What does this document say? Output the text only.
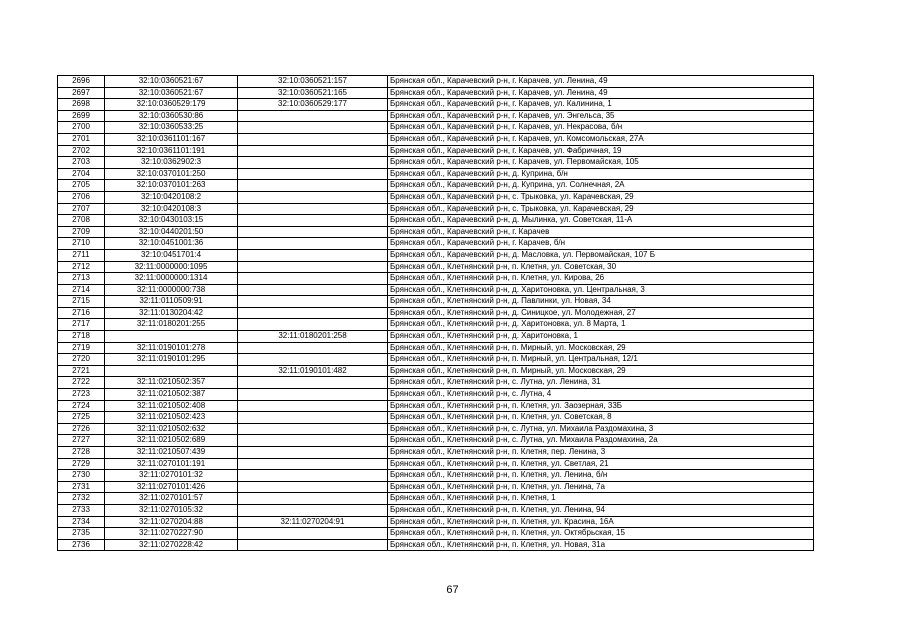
2696	32:10:0360521:67	32:10:0360521:157	Брянская обл., Карачевский р-н, г. Карачев, ул. Ленина, 49
2697	32:10:0360521:67	32:10:0360521:165	Брянская обл., Карачевский р-н, г. Карачев, ул. Ленина, 49
2698	32:10:0360529:179	32:10:0360529:177	Брянская обл., Карачевский р-н, г. Карачев, ул. Калинина, 1
2699	32:10:0360530:86		Брянская обл., Карачевский р-н, г. Карачев, ул. Энгельса, 35
2700	32:10:0360533:25		Брянская обл., Карачевский р-н, г. Карачев, ул. Некрасова, б/н
2701	32:10:0361101:167		Брянская обл., Карачевский р-н, г. Карачев, ул. Комсомольская, 27А
2702	32:10:0361101:191		Брянская обл., Карачевский р-н, г. Карачев, ул. Фабричная, 19
2703	32:10:0362902:3		Брянская обл., Карачевский р-н, г. Карачев, ул. Первомайская, 105
2704	32:10:0370101:250		Брянская обл., Карачевский р-н, д. Куприна, б/н
2705	32:10:0370101:263		Брянская обл., Карачевский р-н, д. Куприна, ул. Солнечная, 2А
2706	32:10:0420108:2		Брянская обл., Карачевский р-н, с. Трыковка, ул. Карачевская, 29
2707	32:10:0420108:3		Брянская обл., Карачевский р-н, с. Трыковка, ул. Карачевская, 29
2708	32:10:0430103:15		Брянская обл., Карачевский р-н, д. Мылинка, ул. Советская, 11-А
2709	32:10:0440201:50		Брянская обл., Карачевский р-н, г. Карачев
2710	32:10:0451001:36		Брянская обл., Карачевский р-н, г. Карачев, б/н
2711	32:10:0451701:4		Брянская обл., Карачевский р-н, д. Масловка, ул. Первомайская, 107 Б
2712	32:11:0000000:1095		Брянская обл., Клетнянский р-н, п. Клетня, ул. Советская, 30
2713	32:11:0000000:1314		Брянская обл., Клетнянский р-н, п. Клетня, ул. Кирова, 26
2714	32:11:0000000:738		Брянская обл., Клетнянский р-н, д. Харитоновка, ул. Центральная, 3
2715	32:11:0110509:91		Брянская обл., Клетнянский р-н, д. Павлинки, ул. Новая, 34
2716	32:11:0130204:42		Брянская обл., Клетнянский р-н, д. Синицкое, ул. Молодежная, 27
2717	32:11:0180201:255		Брянская обл., Клетнянский р-н, д. Харитоновка, ул. 8 Марта, 1
2718		32:11:0180201:258	Брянская обл., Клетнянский р-н, д. Харитоновка, 1
2719	32:11:0190101:278		Брянская обл., Клетнянский р-н, п. Мирный, ул. Московская, 29
2720	32:11:0190101:295		Брянская обл., Клетнянский р-н, п. Мирный, ул. Центральная, 12/1
2721		32:11:0190101:482	Брянская обл., Клетнянский р-н, п. Мирный, ул. Московская, 29
2722	32:11:0210502:357		Брянская обл., Клетнянский р-н, с. Лутна, ул. Ленина, 31
2723	32:11:0210502:387		Брянская обл., Клетнянский р-н, с. Лутна, 4
2724	32:11:0210502:408		Брянская обл., Клетнянский р-н, п. Клетня, ул. Заозерная, 33Б
2725	32:11:0210502:423		Брянская обл., Клетнянский р-н, п. Клетня, ул. Советская, 8
2726	32:11:0210502:632		Брянская обл., Клетнянский р-н, с. Лутна, ул. Михаила Раздомахина, 3
2727	32:11:0210502:689		Брянская обл., Клетнянский р-н, с. Лутна, ул. Михаила Раздомахина, 2а
2728	32:11:0210507:439		Брянская обл., Клетнянский р-н, п. Клетня, пер. Ленина, 3
2729	32:11:0270101:191		Брянская обл., Клетнянский р-н, п. Клетня, ул. Светлая, 21
2730	32:11:0270101:32		Брянская обл., Клетнянский р-н, п. Клетня, ул. Ленина, б/н
2731	32:11:0270101:426		Брянская обл., Клетнянский р-н, п. Клетня, ул. Ленина, 7а
2732	32:11:0270101:57		Брянская обл., Клетнянский р-н, п. Клетня, 1
2733	32:11:0270105:32		Брянская обл., Клетнянский р-н, п. Клетня, ул. Ленина, 94
2734	32:11:0270204:88	32:11:0270204:91	Брянская обл., Клетнянский р-н, п. Клетня, ул. Красина, 16А
2735	32:11:0270227:90		Брянская обл., Клетнянский р-н, п. Клетня, ул. Октябрьская, 15
2736	32:11:0270228:42		Брянская обл., Клетнянский р-н, п. Клетня, ул. Новая, 31а
67
